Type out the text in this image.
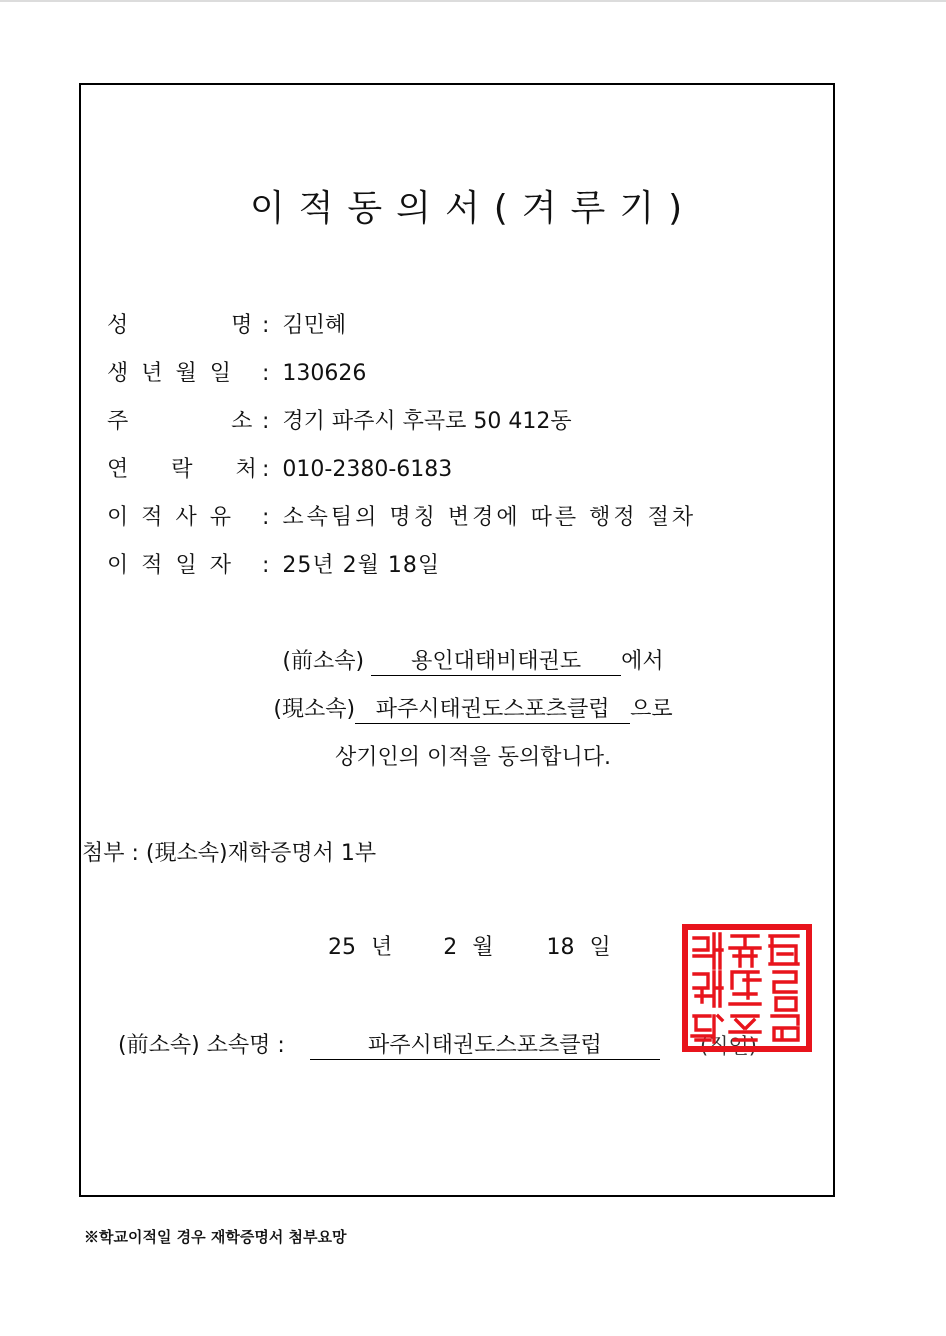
이적동의서(겨루기)
성          명 : 김민혜
생 년 월 일 : 130626
주          소 : 경기 파주시 후곡로 50 412동
연    락    처 : 010-2380-6183
이 적 사 유 : 소속팀의 명칭 변경에 따른 행정 절차
이 적 일 자 : 25년 2월 18일
(前소속) 용인대태비태권도 에서
(現소속) 파주시태권도스포츠클럽 으로
상기인의 이적을 동의합니다.
첨부 : (現소속)재학증명서 1부
25 년 2 월 18 일
(前소속) 소속명 :	파주시태권도스포츠클럽	(직인)
※학교이적일 경우 재학증명서 첨부요망
